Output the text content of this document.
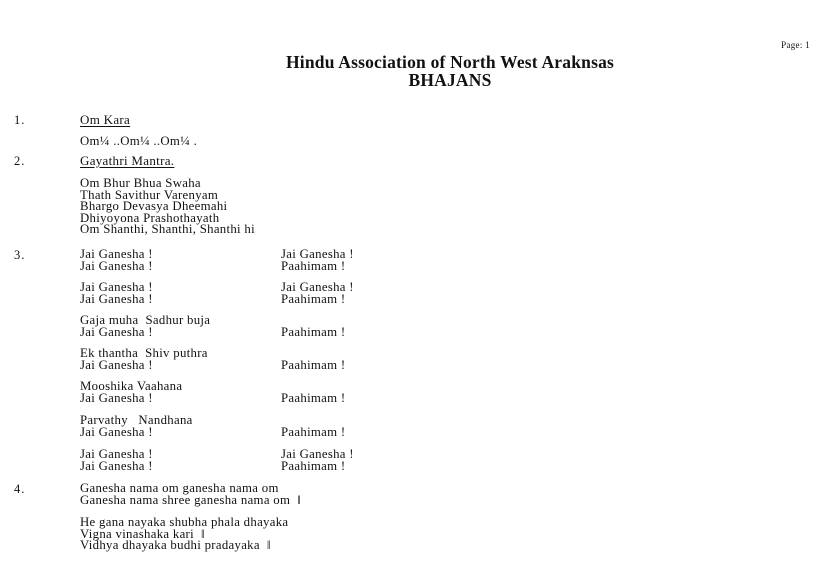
Page: 1
Hindu Association of North West Araknsas
BHAJANS
1.	Om Kara
Om¼ ..Om¼ ..Om¼ .
2.	Gayathri Mantra.
Om Bhur Bhua Swaha
Thath Savithur Varenyam
Bhargo Devasya Dheemahi
Dhiyoyona Prashothayath
Om Shanthi, Shanthi, Shanthi hi
3.	Jai Ganesha !	Jai Ganesha !
Jai Ganesha !	Paahimam !
Jai Ganesha !	Jai Ganesha !
Jai Ganesha !	Paahimam !
Gaja muha  Sadhur buja
Jai Ganesha !	Paahimam !
Ek thantha  Shiv puthra
Jai Ganesha !	Paahimam !
Mooshika Vaahana
Jai Ganesha !	Paahimam !
Parvathy   Nandhana
Jai Ganesha !	Paahimam !
Jai Ganesha !	Jai Ganesha !
Jai Ganesha !	Paahimam !
4.	Ganesha nama om ganesha nama om
Ganesha nama shree ganesha nama om  ‖
He gana nayaka shubha phala dhayaka
Vigna vinashaka kari  ‖
Vidhya dhayaka budhi pradayaka  ‖
